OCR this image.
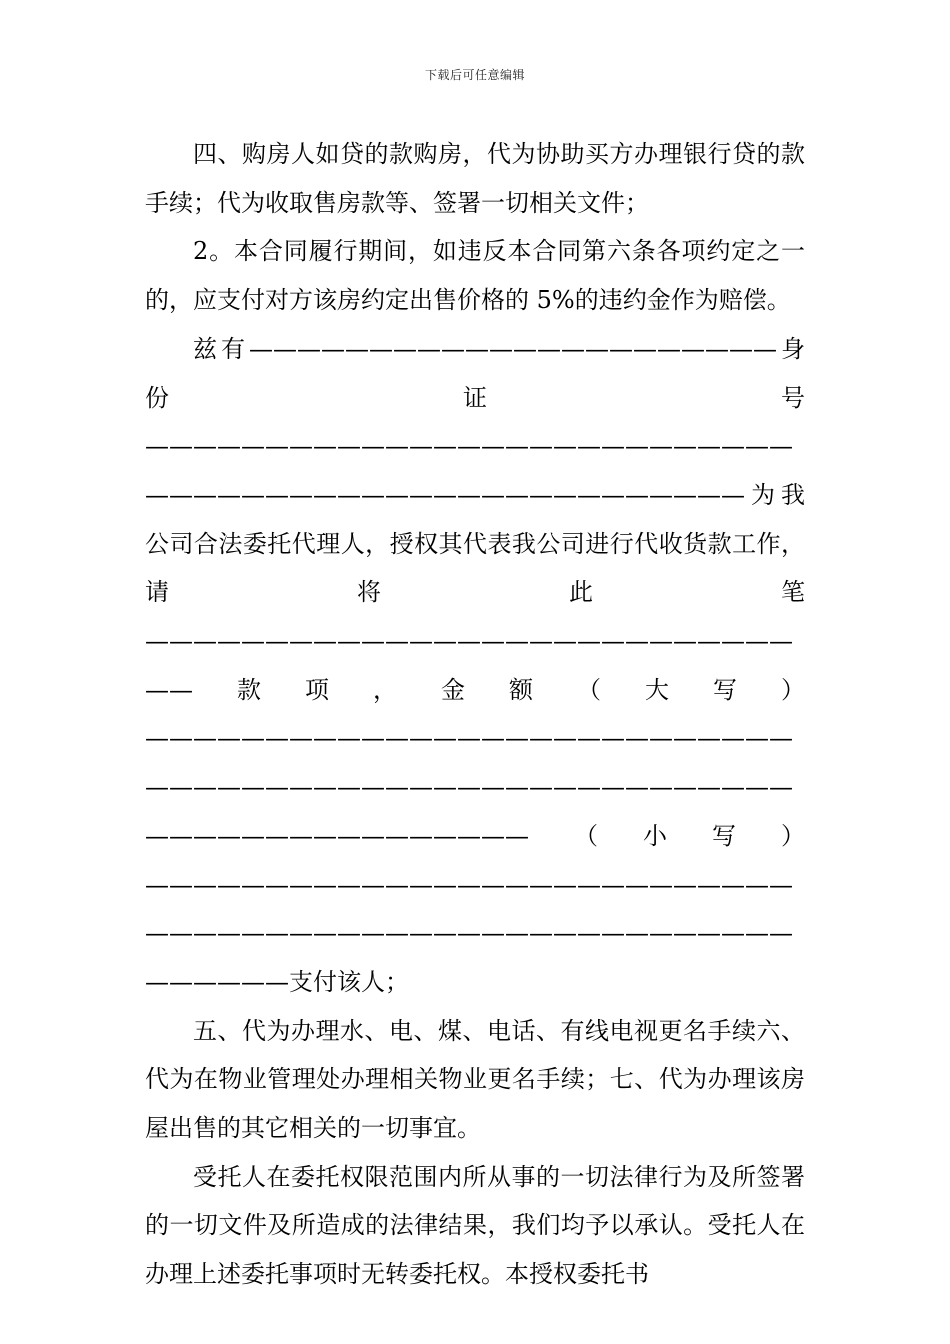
下载后可任意编辑

四、购房人如贷的款购房，代为协助买方办理银行贷的款手续；代为收取售房款等、签署一切相关文件；

2。本合同履行期间，如违反本合同第六条各项约定之一的，应支付对方该房约定出售价格的 5%的违约金作为赔偿。

兹有——————————————————————身份证号————————————————————————————————————————————————————为我公司合法委托代理人，授权其代表我公司进行代收货款工作，请将此笔—————————————————————————————款项，金额（大写）——————————————————————————————————————————————————————————————————————（小写）————————————————————————————————————————————————————————————支付该人；

五、代为办理水、电、煤、电话、有线电视更名手续六、代为在物业管理处办理相关物业更名手续；七、代为办理该房屋出售的其它相关的一切事宜。

受托人在委托权限范围内所从事的一切法律行为及所签署的一切文件及所造成的法律结果，我们均予以承认。受托人在办理上述委托事项时无转委托权。本授权委托书
